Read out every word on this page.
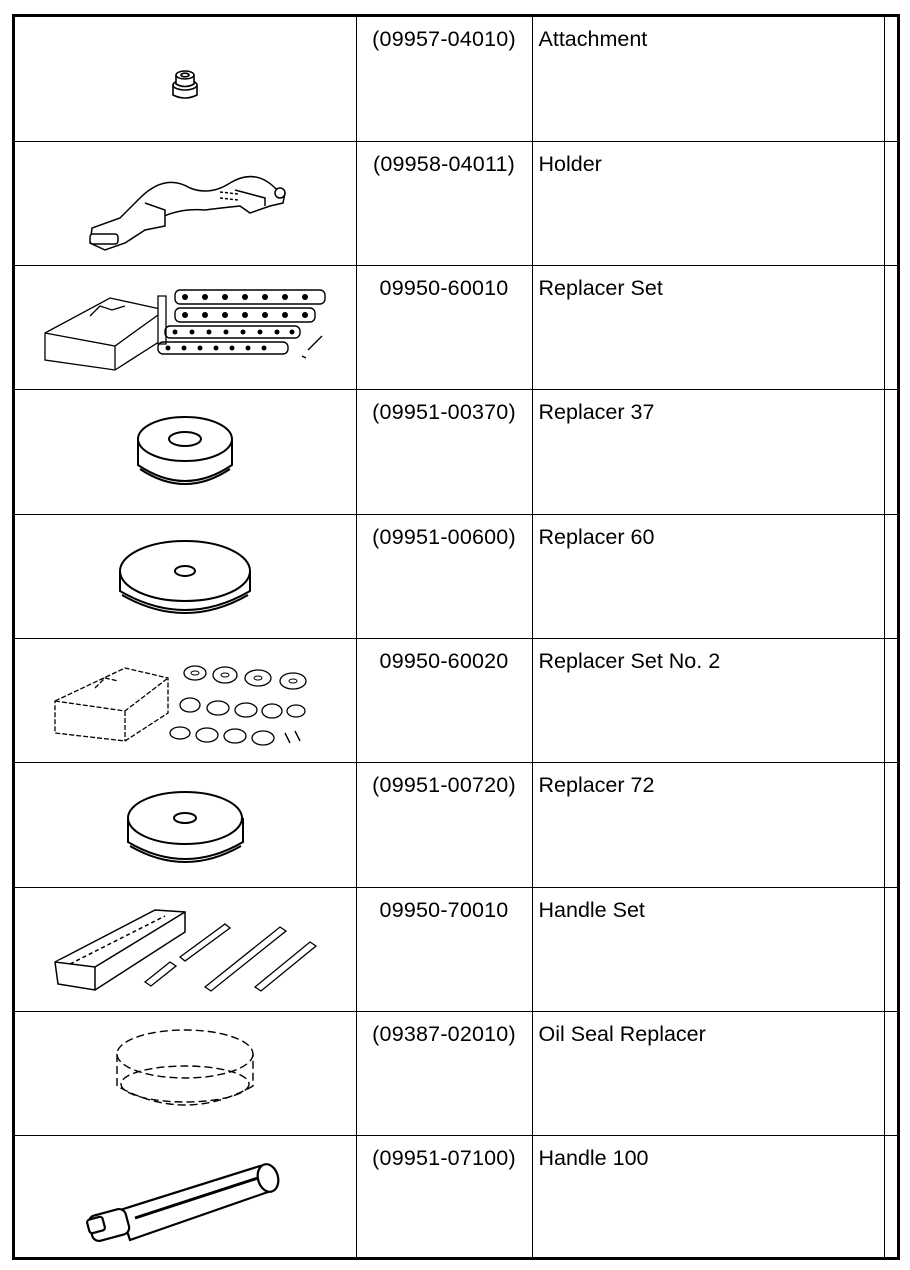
	(09957-04010)	Attachment	

	(09958-04011)	Holder	

	09950-60010	Replacer Set	

	(09951-00370)	Replacer 37	

	(09951-00600)	Replacer 60	

	09950-60020	Replacer Set No. 2	

	(09951-00720)	Replacer 72	

	09950-70010	Handle Set	

	(09387-02010)	Oil Seal Replacer	

	(09951-07100)	Handle 100	
